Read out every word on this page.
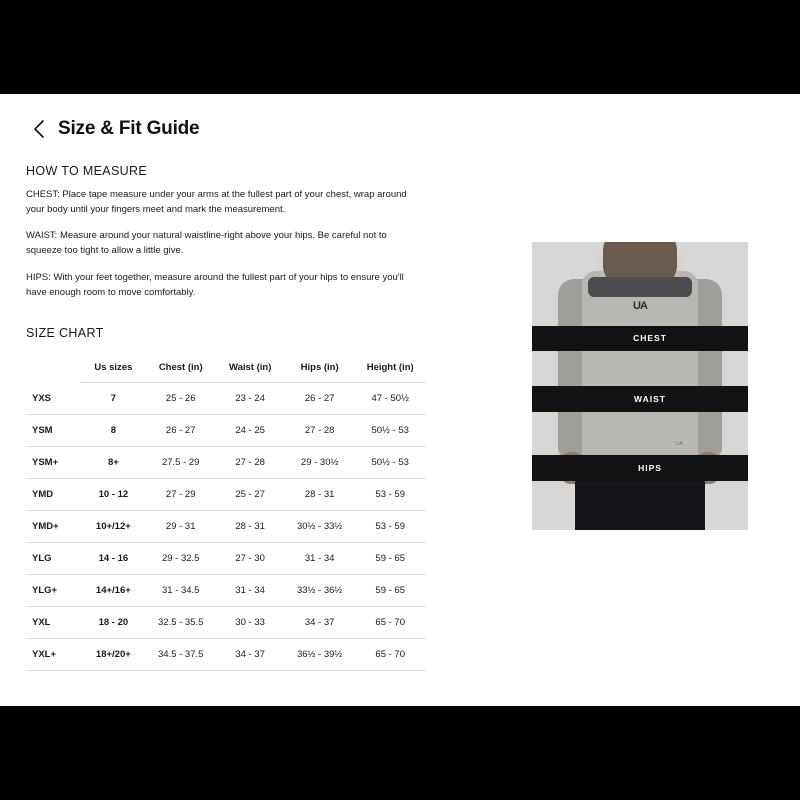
Size & Fit Guide
HOW TO MEASURE

CHEST: Place tape measure under your arms at the fullest part of your chest, wrap around your body until your fingers meet and mark the measurement.

WAIST: Measure around your natural waistline-right above your hips. Be careful not to squeeze too tight to allow a little give.

HIPS: With your feet together, measure around the fullest part of your hips to ensure you'll have enough room to move comfortably.

SIZE CHART
	Us sizes	Chest (in)	Waist (in)	Hips (in)	Height (in)
YXS	7	25 - 26	23 - 24	26 - 27	47 - 50½
YSM	8	26 - 27	24 - 25	27 - 28	50½ - 53
YSM+	8+	27.5 - 29	27 - 28	29 - 30½	50½ - 53
YMD	10 - 12	27 - 29	25 - 27	28 - 31	53 - 59
YMD+	10+/12+	29 - 31	28 - 31	30½ - 33½	53 - 59
YLG	14 - 16	29 - 32.5	27 - 30	31 - 34	59 - 65
YLG+	14+/16+	31 - 34.5	31 - 34	33½ - 36½	59 - 65
YXL	18 - 20	32.5 - 35.5	30 - 33	34 - 37	65 - 70
YXL+	18+/20+	34.5 - 37.5	34 - 37	36½ - 39½	65 - 70
UA
CHEST
WAIST
HIPS
UA
